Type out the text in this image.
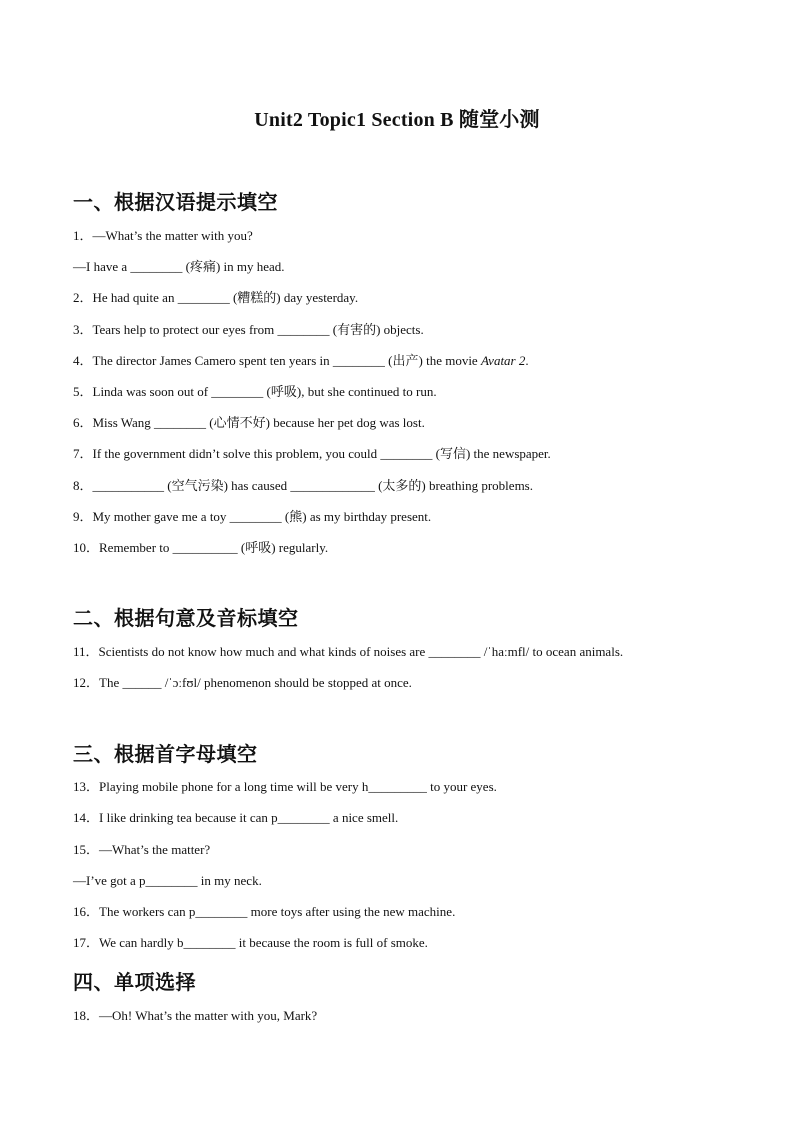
Unit2 Topic1 Section B 随堂小测
一、根据汉语提示填空
1．—What’s the matter with you?
—I have a ________ (疼痛) in my head.
2．He had quite an ________ (糟糕的) day yesterday.
3．Tears help to protect our eyes from ________ (有害的) objects.
4．The director James Camero spent ten years in ________ (出产) the movie Avatar 2.
5．Linda was soon out of ________ (呼吸), but she continued to run.
6．Miss Wang ________ (心情不好) because her pet dog was lost.
7．If the government didn’t solve this problem, you could ________ (写信) the newspaper.
8．___________ (空气污染) has caused _____________ (太多的) breathing problems.
9．My mother gave me a toy ________ (熊) as my birthday present.
10．Remember to __________ (呼吸) regularly.
二、根据句意及音标填空
11．Scientists do not know how much and what kinds of noises are ________ /ˈhaːmfl/ to ocean animals.
12．The ______ /ˈɔːfʊl/ phenomenon should be stopped at once.
三、根据首字母填空
13．Playing mobile phone for a long time will be very h_________ to your eyes.
14．I like drinking tea because it can p________ a nice smell.
15．—What’s the matter?
—I’ve got a p________ in my neck.
16．The workers can p________ more toys after using the new machine.
17．We can hardly b________ it because the room is full of smoke.
四、单项选择
18．—Oh! What’s the matter with you, Mark?
